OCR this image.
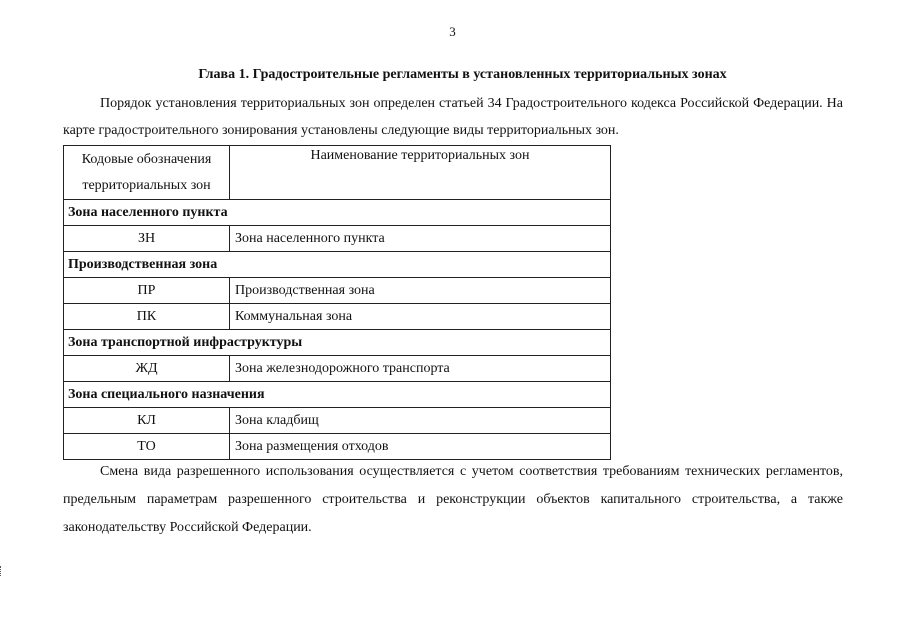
3
Глава 1. Градостроительные регламенты в установленных территориальных зонах

Порядок установления территориальных зон определен статьей 34 Градостроительного кодекса Российской Федерации. На карте градостроительного зонирования установлены следующие виды территориальных зон.

Кодовые обозначения территориальных зон	Наименование территориальных зон
Зона населенного пункта	
ЗН	Зона населенного пункта
Производственная зона	
ПР	Производственная зона
ПК	Коммунальная зона
Зона транспортной инфраструктуры	
ЖД	Зона железнодорожного транспорта
Зона специального назначения	
КЛ	Зона кладбищ
ТО	Зона размещения отходов

Смена вида разрешенного использования осуществляется с учетом соответствия требованиям технических регламентов, предельным параметрам разрешенного строительства и реконструкции объектов капитального строительства, а также законодательству Российской Федерации.
